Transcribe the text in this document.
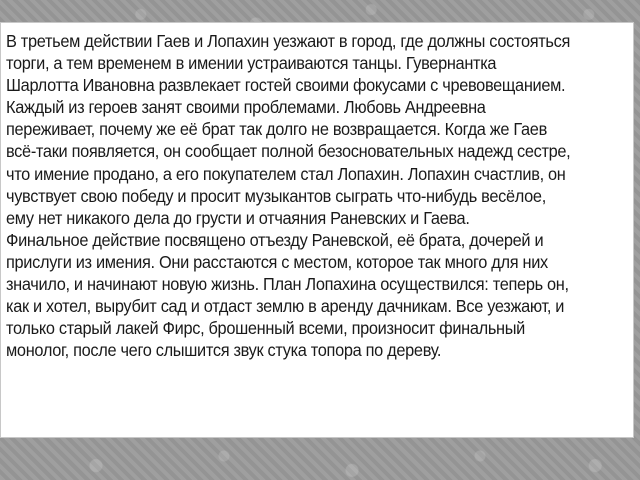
В третьем действии Гаев и Лопахин уезжают в город, где должны состояться
торги, а тем временем в имении устраиваются танцы. Гувернантка
Шарлотта Ивановна развлекает гостей своими фокусами с чревовещанием.
Каждый из героев занят своими проблемами. Любовь Андреевна
переживает, почему же её брат так долго не возвращается. Когда же Гаев
всё-таки появляется, он сообщает полной безосновательных надежд сестре,
что имение продано, а его покупателем стал Лопахин. Лопахин счастлив, он
чувствует свою победу и просит музыкантов сыграть что-нибудь весёлое,
ему нет никакого дела до грусти и отчаяния Раневских и Гаева.
Финальное действие посвящено отъезду Раневской, её брата, дочерей и
прислуги из имения. Они расстаются с местом, которое так много для них
значило, и начинают новую жизнь. План Лопахина осуществился: теперь он,
как и хотел, вырубит сад и отдаст землю в аренду дачникам. Все уезжают, и
только старый лакей Фирс, брошенный всеми, произносит финальный
монолог, после чего слышится звук стука топора по дереву.
